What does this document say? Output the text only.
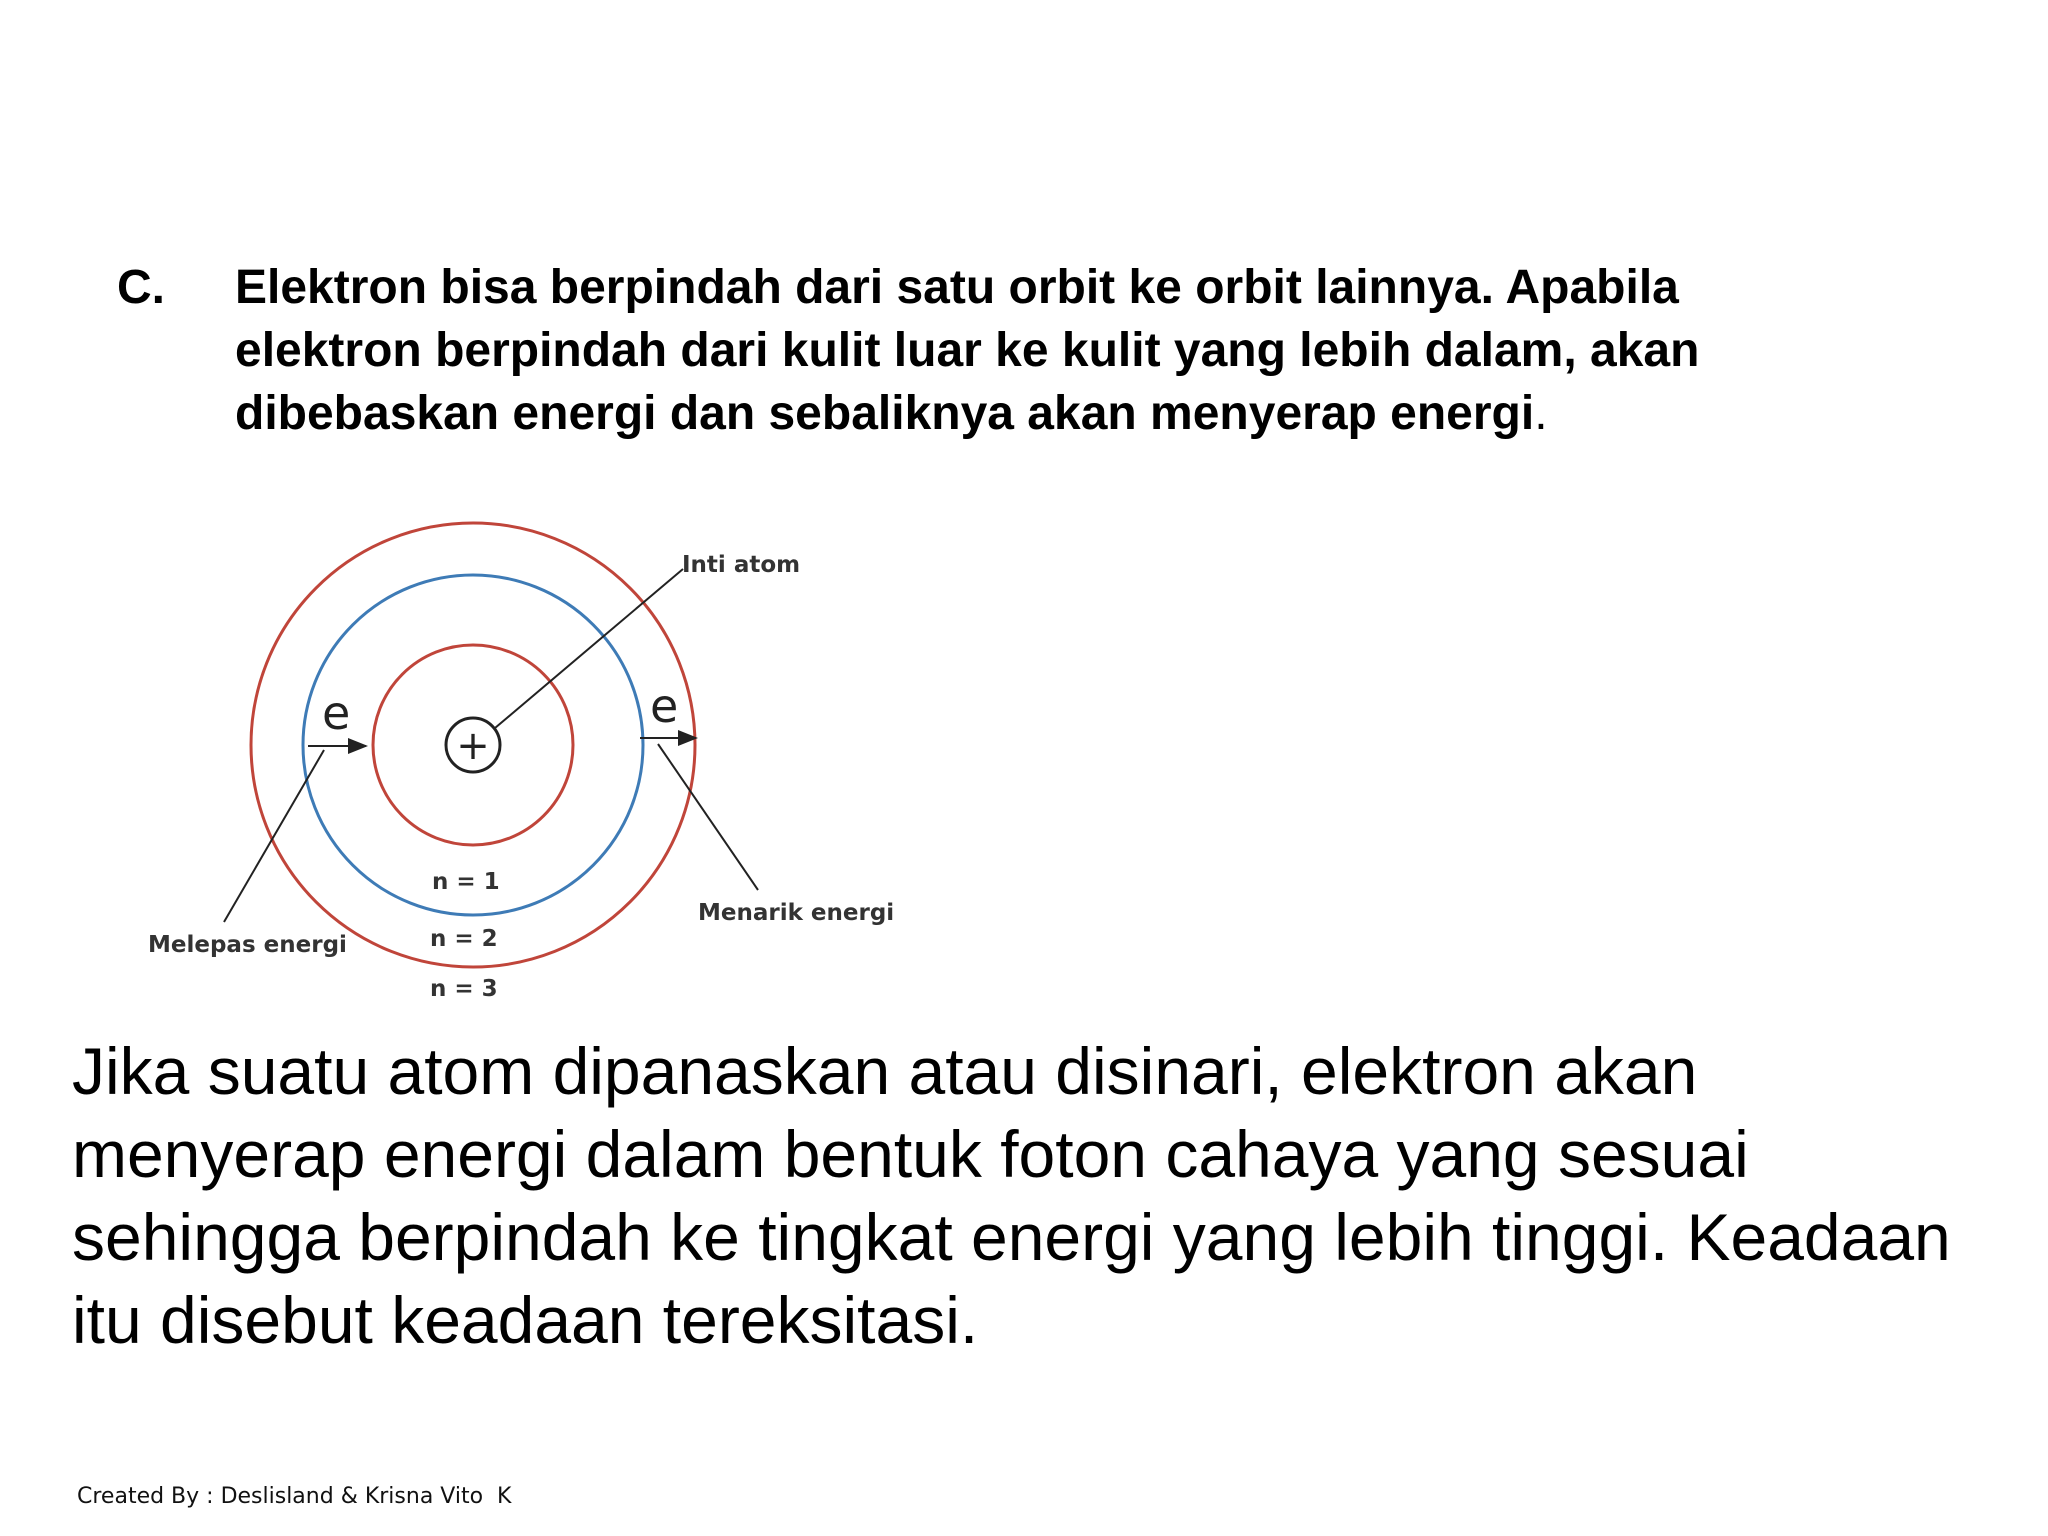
C. Elektron bisa berpindah dari satu orbit ke orbit lainnya. Apabila elektron berpindah dari kulit luar ke kulit yang lebih dalam, akan dibebaskan energi dan sebaliknya akan menyerap energi.
+
Inti atom
e
Melepas energi
e
Menarik energi
n = 1
n = 2
n = 3

Jika suatu atom dipanaskan atau disinari, elektron akan menyerap energi dalam bentuk foton cahaya yang sesuai sehingga berpindah ke tingkat energi yang lebih tinggi. Keadaan itu disebut keadaan tereksitasi.

Created By : Deslisland & Krisna Vito  K
